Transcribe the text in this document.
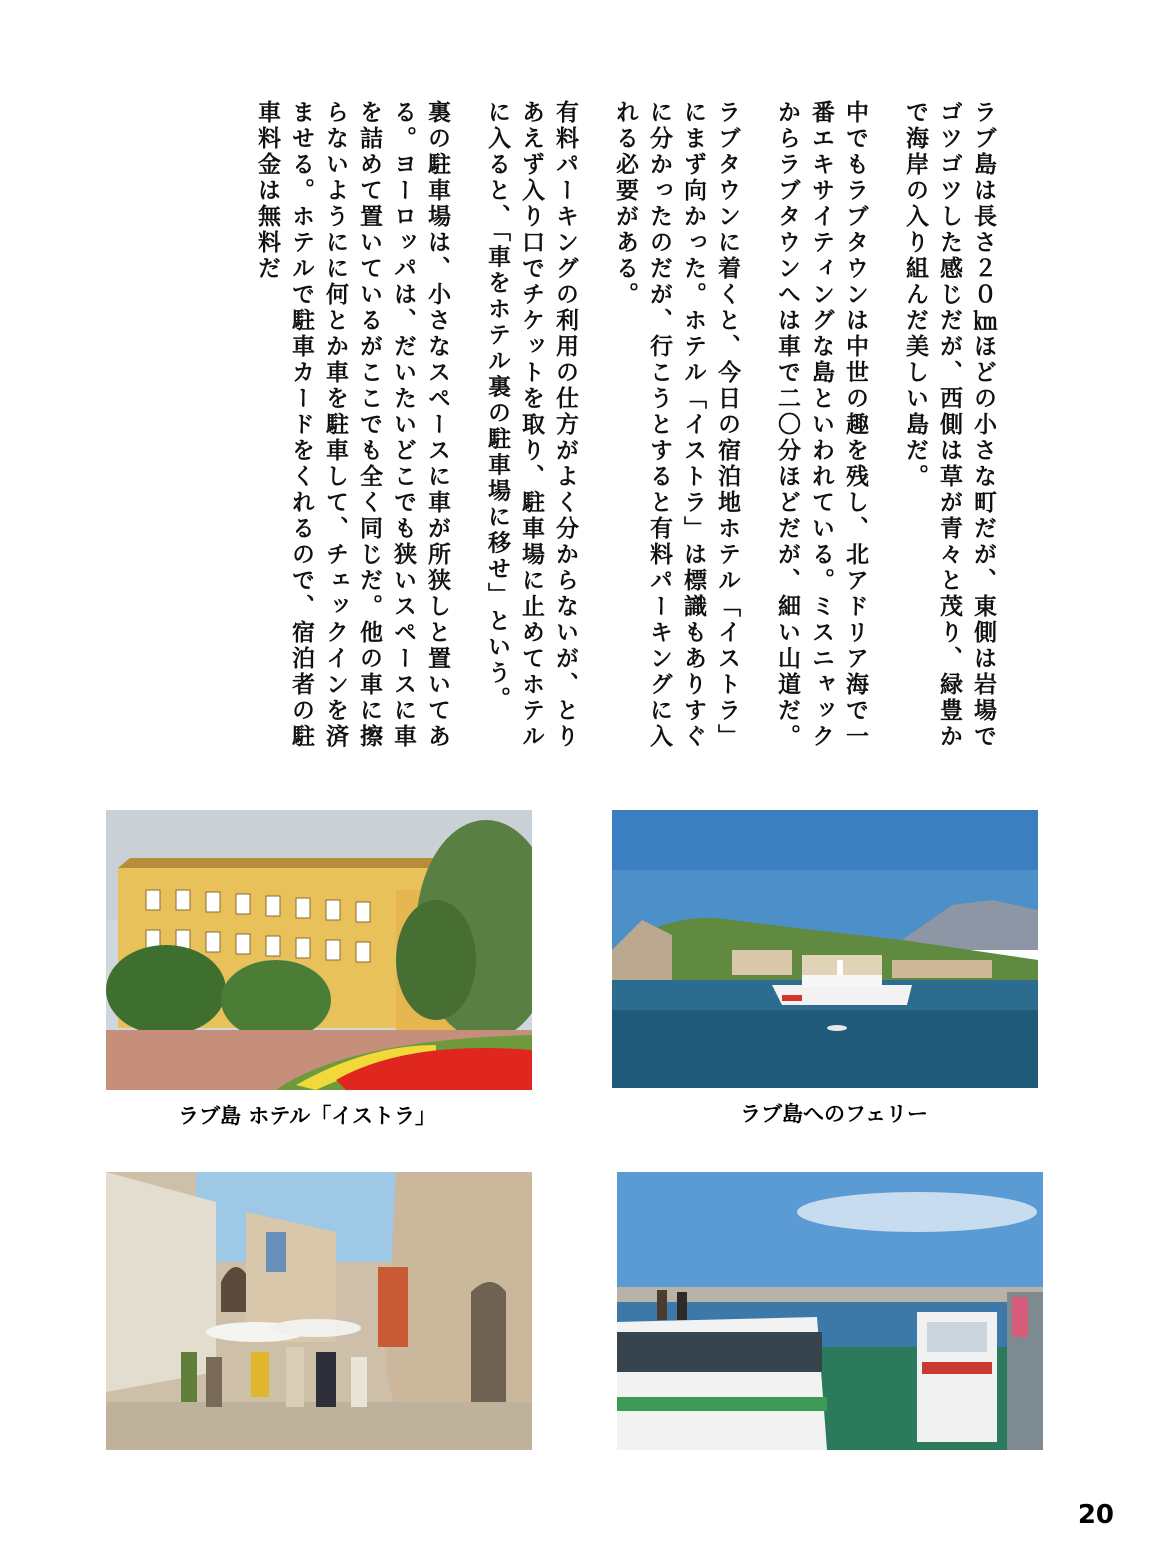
ラブ島は長さ２０㎞ほどの小さな町だが、東側は岩場でゴツゴツした感じだが、西側は草が青々と茂り、緑豊かで海岸の入り組んだ美しい島だ。

中でもラブタウンは中世の趣を残し、北アドリア海で一番エキサイティングな島といわれている。ミスニャックからラブタウンへは車で二〇分ほどだが、細い山道だ。

ラブタウンに着くと、今日の宿泊地ホテル「イストラ」にまず向かった。ホテル「イストラ」は標識もありすぐに分かったのだが、行こうとすると有料パーキングに入れる必要がある。

有料パーキングの利用の仕方がよく分からないが、とりあえず入り口でチケットを取り、駐車場に止めてホテルに入ると、「車をホテル裏の駐車場に移せ」という。

裏の駐車場は、小さなスペースに車が所狭しと置いてある。ヨーロッパは、だいたいどこでも狭いスペースに車を詰めて置いているがここでも全く同じだ。他の車に擦らないようにに何とか車を駐車して、チェックインを済ませる。ホテルで駐車カードをくれるので、宿泊者の駐車料金は無料だ

ラブ島 ホテル「イストラ」	ラブ島へのフェリー
20
